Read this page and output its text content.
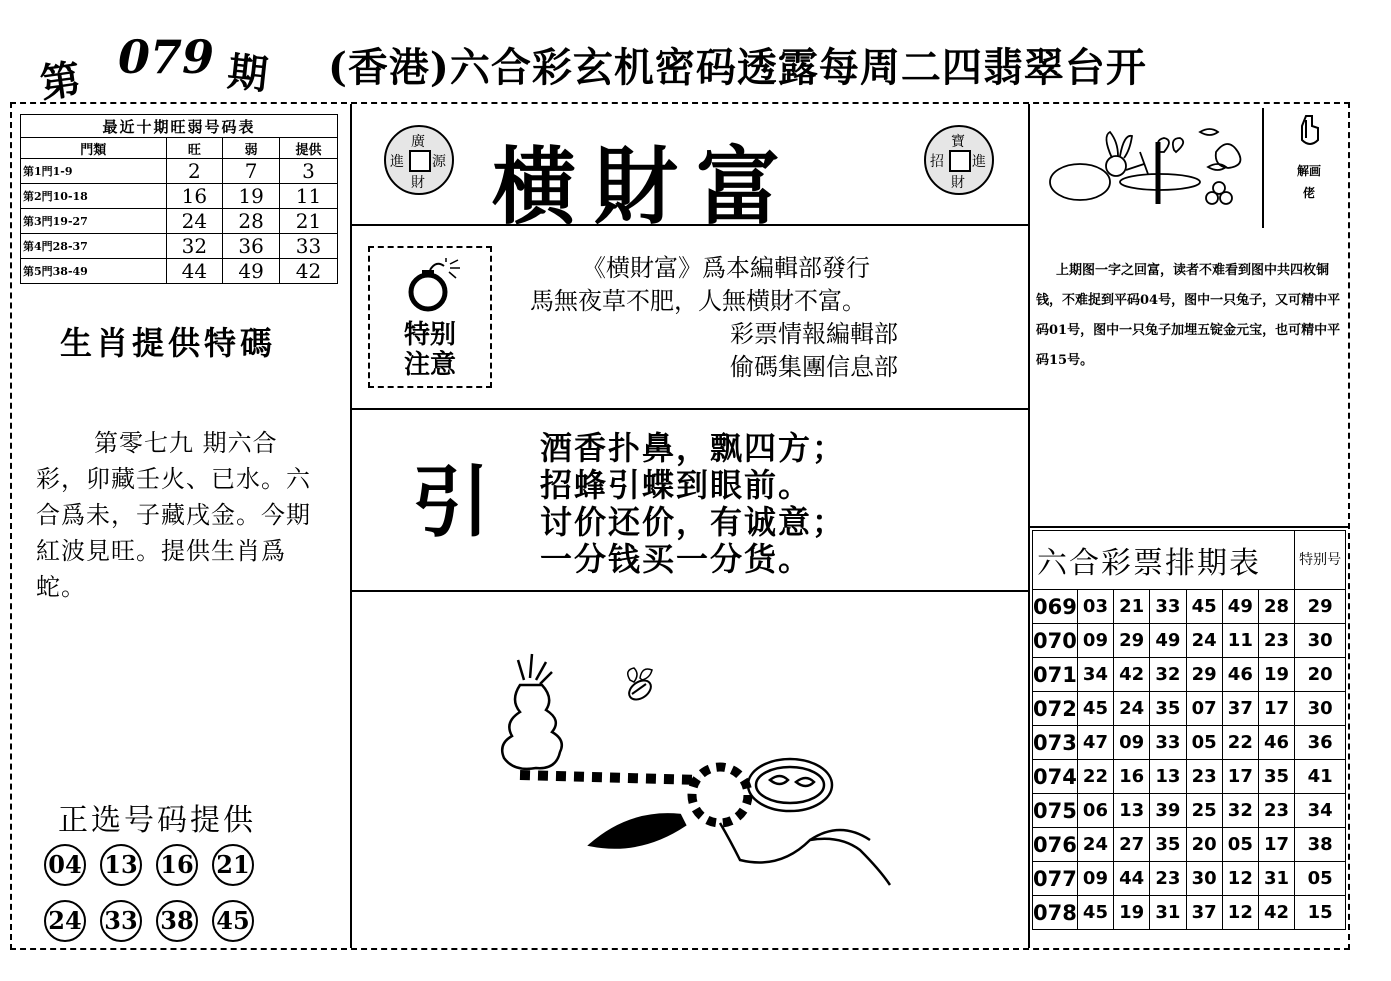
第 079 期 (香港)六合彩玄机密码透露每周二四翡翠台开
最近十期旺弱号码表			
門類	旺	弱	提供
第1門1-9	2	7	3
第2門10-18	16	19	11
第3門19-27	24	28	21
第4門28-37	32	36	33
第5門38-49	44	49	42
生肖提供特碼
第零七九 期六合彩，卯藏壬火、已水。六合爲未，子藏戌金。今期紅波見旺。提供生肖爲蛇。
正选号码提供
04 13 16 21
24 33 38 45
廣
進 源
財 横財富	寶
招 進
財
特别
注意
《横財富》爲本編輯部發行
馬無夜草不肥，人無横財不富。
彩票情報編輯部
偷碼集團信息部
引
酒香扑鼻，飘四方；
招蜂引蝶到眼前。
讨价还价，有诚意；
一分钱买一分货。
解画佬
上期图一字之回富，读者不难看到图中共四枚铜钱，不难捉到平码04号，图中一只兔子，又可精中平码01号，图中一只兔子加埋五锭金元宝，也可精中平码15号。
六合彩票排期表							特别号
069	03	21	33	45	49	28	29
070	09	29	49	24	11	23	30
071	34	42	32	29	46	19	20
072	45	24	35	07	37	17	30
073	47	09	33	05	22	46	36
074	22	16	13	23	17	35	41
075	06	13	39	25	32	23	34
076	24	27	35	20	05	17	38
077	09	44	23	30	12	31	05
078	45	19	31	37	12	42	15
